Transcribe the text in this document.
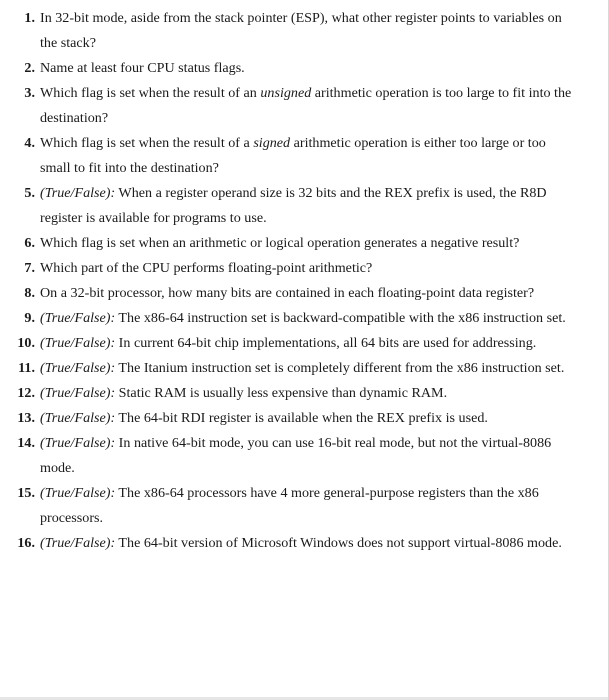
1. In 32-bit mode, aside from the stack pointer (ESP), what other register points to variables on the stack?

2. Name at least four CPU status flags.

3. Which flag is set when the result of an unsigned arithmetic operation is too large to fit into the destination?

4. Which flag is set when the result of a signed arithmetic operation is either too large or too small to fit into the destination?

5. (True/False): When a register operand size is 32 bits and the REX prefix is used, the R8D register is available for programs to use.

6. Which flag is set when an arithmetic or logical operation generates a negative result?

7. Which part of the CPU performs floating-point arithmetic?

8. On a 32-bit processor, how many bits are contained in each floating-point data register?

9. (True/False): The x86-64 instruction set is backward-compatible with the x86 instruction set.

10. (True/False): In current 64-bit chip implementations, all 64 bits are used for addressing.

11. (True/False): The Itanium instruction set is completely different from the x86 instruction set.

12. (True/False): Static RAM is usually less expensive than dynamic RAM.

13. (True/False): The 64-bit RDI register is available when the REX prefix is used.

14. (True/False): In native 64-bit mode, you can use 16-bit real mode, but not the virtual-8086 mode.

15. (True/False): The x86-64 processors have 4 more general-purpose registers than the x86 processors.

16. (True/False): The 64-bit version of Microsoft Windows does not support virtual-8086 mode.
